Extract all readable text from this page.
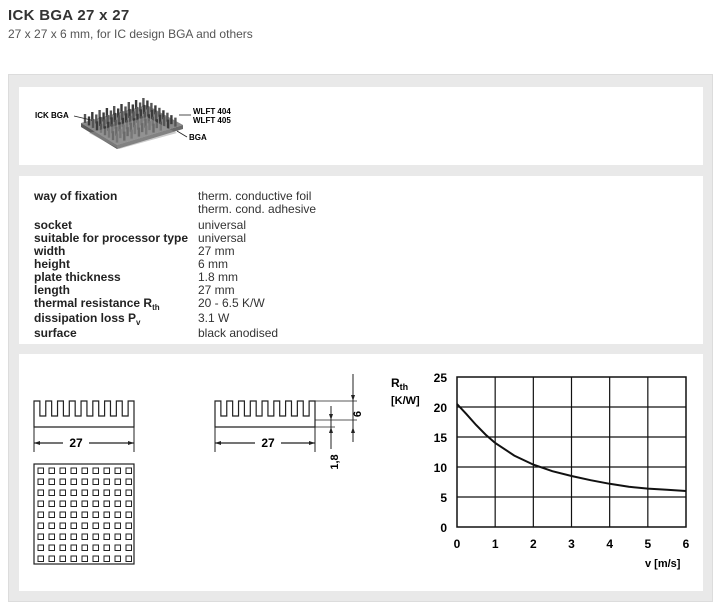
ICK BGA 27 x 27
27 x 27 x 6 mm, for IC design BGA and others
ICK BGA	WLFT 404
WLFT 405
BGA
way of fixation	therm. conductive foil
therm. cond. adhesive
socket	universal
suitable for processor type universal
width	27 mm
height	6 mm
plate thickness	1.8 mm
length	27 mm
thermal resistance $R_{th}$	20 - 6.5 K/W
dissipation loss $P_v$	3.1 W
surface	black anodised
27	27
6
1,8
0	1	2	3	4	5	6
0
5
10
15
20
25
$R_{th}$
[K/W]
v [m/s]
